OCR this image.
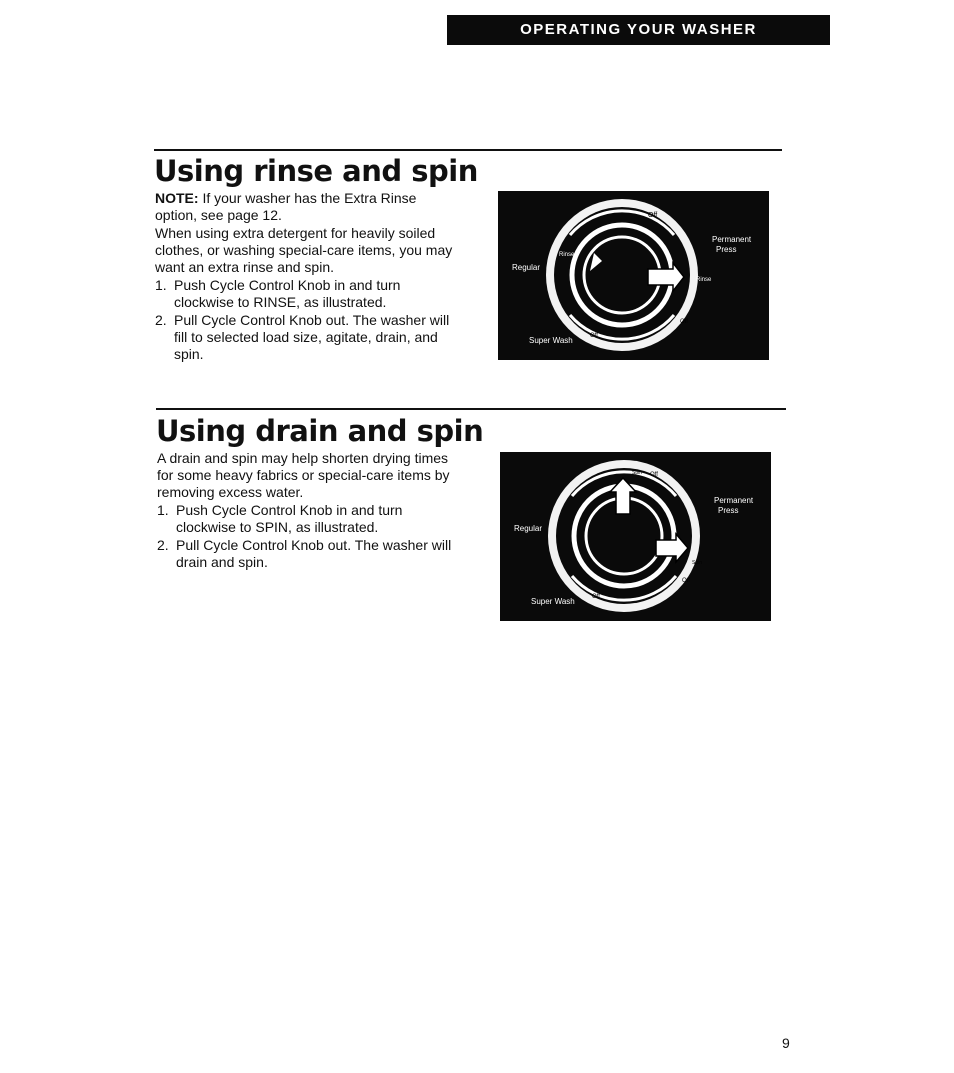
OPERATING YOUR WASHER
Using rinse and spin

NOTE: If your washer has the Extra Rinse option, see page 12.

When using extra detergent for heavily soiled clothes, or washing special-care items, you may want an extra rinse and spin.

1. Push Cycle Control Knob in and turn clockwise to RINSE, as illustrated.
2. Pull Cycle Control Knob out. The washer will fill to selected load size, agitate, drain, and spin.
Off
Permanent
Press
Regular
Rinse
Rinse
Off
Super Wash	Off
Using drain and spin

A drain and spin may help shorten drying times for some heavy fabrics or special-care items by removing excess water.

1. Push Cycle Control Knob in and turn clockwise to SPIN, as illustrated.
2. Pull Cycle Control Knob out. The washer will drain and spin.
Spin Off
Permanent
Press
Regular
Spin
Off
Super Wash	Off
9
